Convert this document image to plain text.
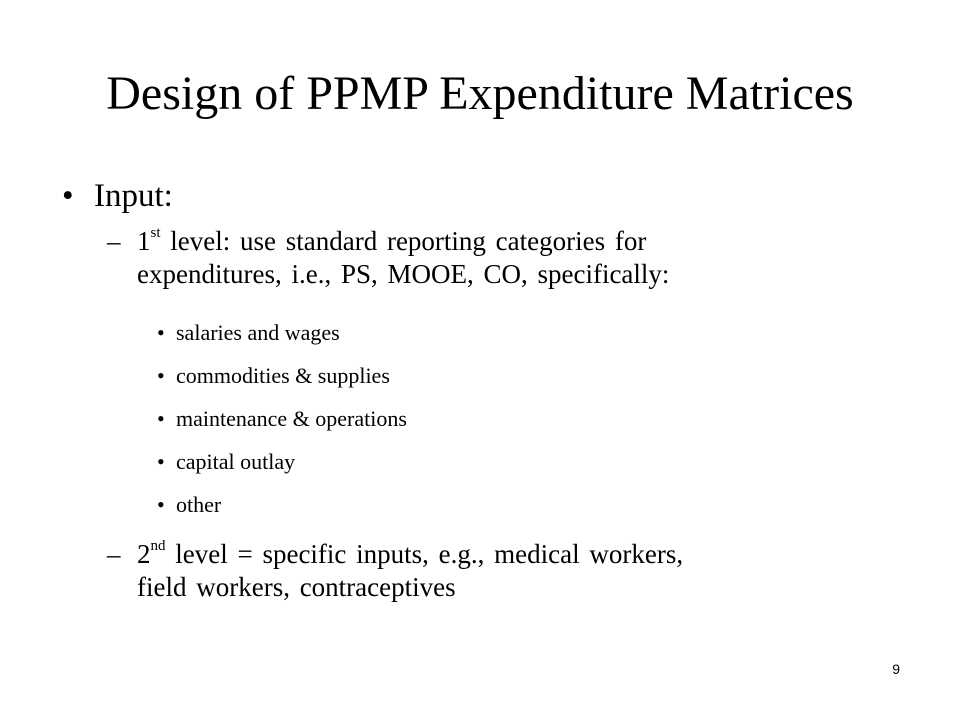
Design of PPMP Expenditure Matrices
• Input:
– 1st level: use standard reporting categories for
expenditures, i.e., PS, MOOE, CO, specifically:
• salaries and wages
• commodities & supplies
• maintenance & operations
• capital outlay
• other
– 2nd level = specific inputs, e.g., medical workers,
field workers, contraceptives
9
